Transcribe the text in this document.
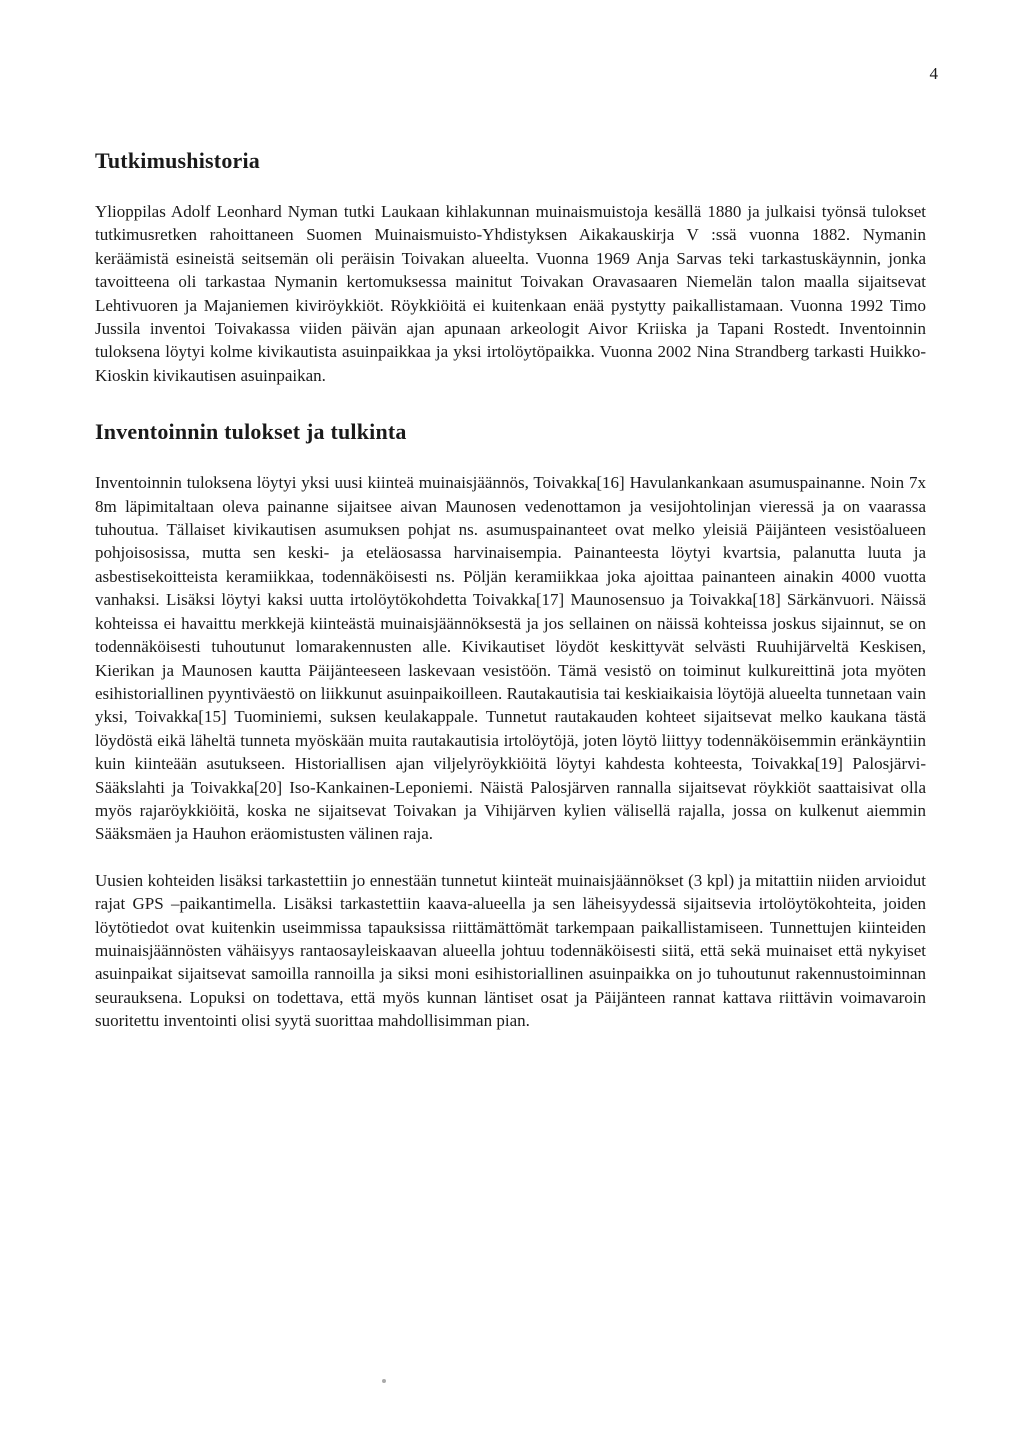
4
Tutkimushistoria

Ylioppilas Adolf Leonhard Nyman tutki Laukaan kihlakunnan muinaismuistoja kesällä 1880 ja julkaisi työnsä tulokset tutkimusretken rahoittaneen Suomen Muinaismuisto-Yhdistyksen Aikakauskirja V :ssä vuonna 1882. Nymanin keräämistä esineistä seitsemän oli peräisin Toivakan alueelta. Vuonna 1969 Anja Sarvas teki tarkastuskäynnin, jonka tavoitteena oli tarkastaa Nymanin kertomuksessa mainitut Toivakan Oravasaaren Niemelän talon maalla sijaitsevat Lehtivuoren ja Majaniemen kiviröykkiöt. Röykkiöitä ei kuitenkaan enää pystytty paikallistamaan. Vuonna 1992 Timo Jussila inventoi Toivakassa viiden päivän ajan apunaan arkeologit Aivor Kriiska ja Tapani Rostedt. Inventoinnin tuloksena löytyi kolme kivikautista asuinpaikkaa ja yksi irtolöytöpaikka. Vuonna 2002 Nina Strandberg tarkasti Huikko-Kioskin kivikautisen asuinpaikan.

Inventoinnin tulokset ja tulkinta

Inventoinnin tuloksena löytyi yksi uusi kiinteä muinaisjäännös, Toivakka[16] Havulankankaan asumuspainanne. Noin 7x 8m läpimitaltaan oleva painanne sijaitsee aivan Maunosen vedenottamon ja vesijohtolinjan vieressä ja on vaarassa tuhoutua. Tällaiset kivikautisen asumuksen pohjat ns. asumuspainanteet ovat melko yleisiä Päijänteen vesistöalueen pohjoisosissa, mutta sen keski- ja eteläosassa harvinaisempia. Painanteesta löytyi kvartsia, palanutta luuta ja asbestisekoitteista keramiikkaa, todennäköisesti ns. Pöljän keramiikkaa joka ajoittaa painanteen ainakin 4000 vuotta vanhaksi. Lisäksi löytyi kaksi uutta irtolöytökohdetta Toivakka[17] Maunosensuo ja Toivakka[18] Särkänvuori. Näissä kohteissa ei havaittu merkkejä kiinteästä muinaisjäännöksestä ja jos sellainen on näissä kohteissa joskus sijainnut, se on todennäköisesti tuhoutunut lomarakennusten alle. Kivikautiset löydöt keskittyvät selvästi Ruuhijärveltä Keskisen, Kierikan ja Maunosen kautta Päijänteeseen laskevaan vesistöön. Tämä vesistö on toiminut kulkureittinä jota myöten esihistoriallinen pyyntiväestö on liikkunut asuinpaikoilleen. Rautakautisia tai keskiaikaisia löytöjä alueelta tunnetaan vain yksi, Toivakka[15] Tuominiemi, suksen keulakappale. Tunnetut rautakauden kohteet sijaitsevat melko kaukana tästä löydöstä eikä läheltä tunneta myöskään muita rautakautisia irtolöytöjä, joten löytö liittyy todennäköisemmin eränkäyntiin kuin kiinteään asutukseen. Historiallisen ajan viljelyröykkiöitä löytyi kahdesta kohteesta, Toivakka[19] Palosjärvi-Sääkslahti ja Toivakka[20] Iso-Kankainen-Leponiemi. Näistä Palosjärven rannalla sijaitsevat röykkiöt saattaisivat olla myös rajaröykkiöitä, koska ne sijaitsevat Toivakan ja Vihijärven kylien välisellä rajalla, jossa on kulkenut aiemmin Sääksmäen ja Hauhon eräomistusten välinen raja.

Uusien kohteiden lisäksi tarkastettiin jo ennestään tunnetut kiinteät muinaisjäännökset (3 kpl) ja mitattiin niiden arvioidut rajat GPS –paikantimella. Lisäksi tarkastettiin kaava-alueella ja sen läheisyydessä sijaitsevia irtolöytökohteita, joiden löytötiedot ovat kuitenkin useimmissa tapauksissa riittämättömät tarkempaan paikallistamiseen. Tunnettujen kiinteiden muinaisjäännösten vähäisyys rantaosayleiskaavan alueella johtuu todennäköisesti siitä, että sekä muinaiset että nykyiset asuinpaikat sijaitsevat samoilla rannoilla ja siksi moni esihistoriallinen asuinpaikka on jo tuhoutunut rakennustoiminnan seurauksena. Lopuksi on todettava, että myös kunnan läntiset osat ja Päijänteen rannat kattava riittävin voimavaroin suoritettu inventointi olisi syytä suorittaa mahdollisimman pian.
